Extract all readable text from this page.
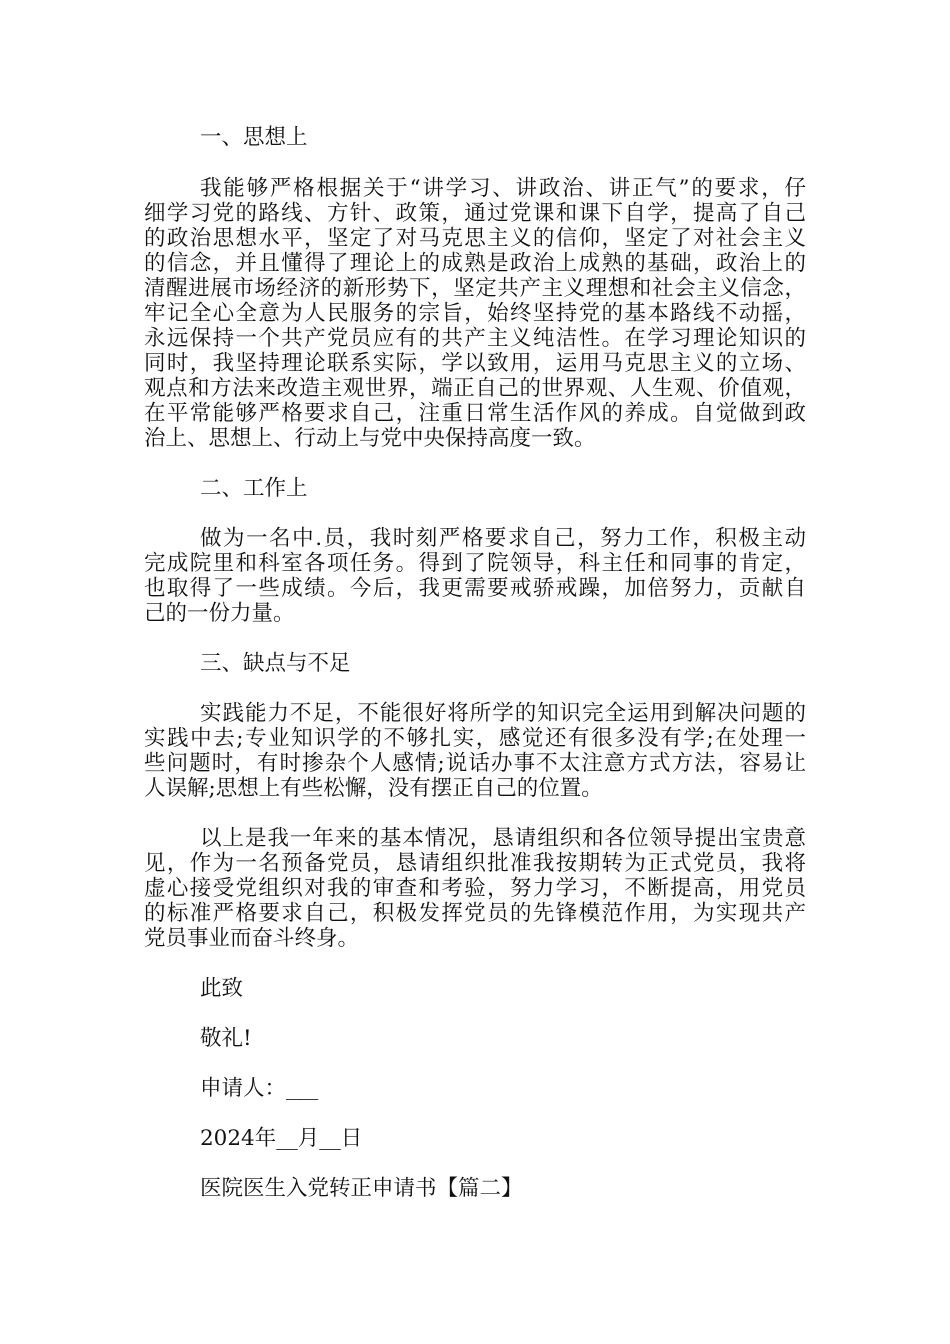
一、思想上
我能够严格根据关于“讲学习、讲政治、讲正气”的要求，仔
细学习党的路线、方针、政策，通过党课和课下自学，提高了自己
的政治思想水平，坚定了对马克思主义的信仰，坚定了对社会主义
的信念，并且懂得了理论上的成熟是政治上成熟的基础，政治上的
清醒进展市场经济的新形势下，坚定共产主义理想和社会主义信念，
牢记全心全意为人民服务的宗旨，始终坚持党的基本路线不动摇，
永远保持一个共产党员应有的共产主义纯洁性。在学习理论知识的
同时，我坚持理论联系实际，学以致用，运用马克思主义的立场、
观点和方法来改造主观世界，端正自己的世界观、人生观、价值观，
在平常能够严格要求自己，注重日常生活作风的养成。自觉做到政
治上、思想上、行动上与党中央保持高度一致。
二、工作上
做为一名中.员，我时刻严格要求自己，努力工作，积极主动
完成院里和科室各项任务。得到了院领导，科主任和同事的肯定，
也取得了一些成绩。今后，我更需要戒骄戒躁，加倍努力，贡献自
己的一份力量。
三、缺点与不足
实践能力不足，不能很好将所学的知识完全运用到解决问题的
实践中去;专业知识学的不够扎实，感觉还有很多没有学;在处理一
些问题时，有时掺杂个人感情;说话办事不太注意方式方法，容易让
人误解;思想上有些松懈，没有摆正自己的位置。
以上是我一年来的基本情况，恳请组织和各位领导提出宝贵意
见，作为一名预备党员，恳请组织批准我按期转为正式党员，我将
虚心接受党组织对我的审查和考验，努力学习，不断提高，用党员
的标准严格要求自己，积极发挥党员的先锋模范作用，为实现共产
党员事业而奋斗终身。
此致
敬礼!
申请人：___
2024年__月__日
医院医生入党转正申请书【篇二】
